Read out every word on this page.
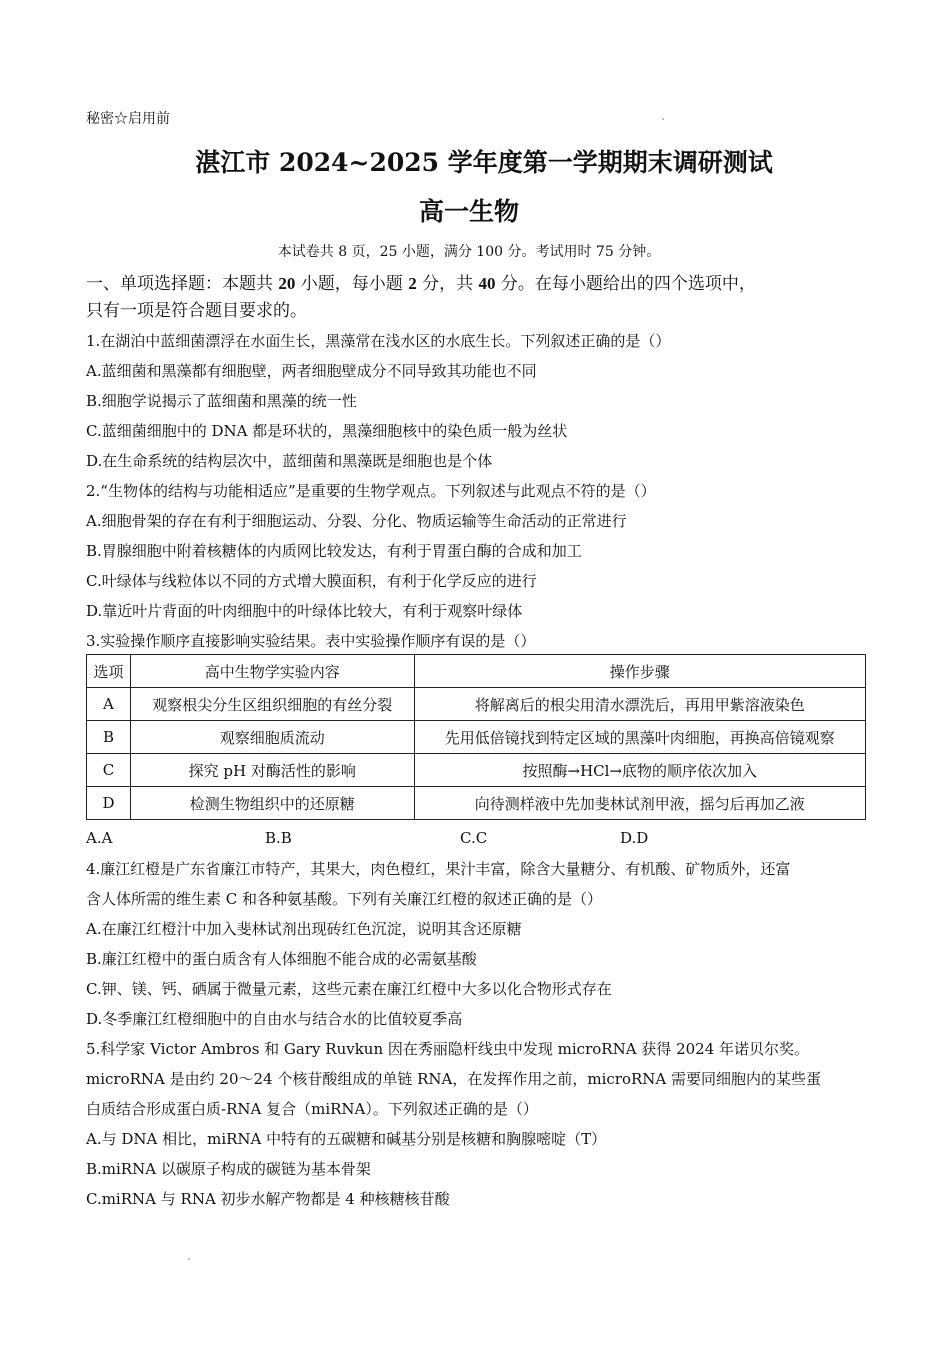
秘密☆启用前
湛江市 2024~2025 学年度第一学期期末调研测试
高一生物
本试卷共 8 页，25 小题，满分 100 分。考试用时 75 分钟。
一、单项选择题：本题共 20 小题，每小题 2 分，共 40 分。在每小题给出的四个选项中，
只有一项是符合题目要求的。
1.在湖泊中蓝细菌漂浮在水面生长，黑藻常在浅水区的水底生长。下列叙述正确的是（）
A.蓝细菌和黑藻都有细胞壁，两者细胞壁成分不同导致其功能也不同
B.细胞学说揭示了蓝细菌和黑藻的统一性
C.蓝细菌细胞中的 DNA 都是环状的，黑藻细胞核中的染色质一般为丝状
D.在生命系统的结构层次中，蓝细菌和黑藻既是细胞也是个体
2.“生物体的结构与功能相适应”是重要的生物学观点。下列叙述与此观点不符的是（）
A.细胞骨架的存在有利于细胞运动、分裂、分化、物质运输等生命活动的正常进行
B.胃腺细胞中附着核糖体的内质网比较发达，有利于胃蛋白酶的合成和加工
C.叶绿体与线粒体以不同的方式增大膜面积，有利于化学反应的进行
D.靠近叶片背面的叶肉细胞中的叶绿体比较大，有利于观察叶绿体
3.实验操作顺序直接影响实验结果。表中实验操作顺序有误的是（）
选项	高中生物学实验内容	操作步骤
A	观察根尖分生区组织细胞的有丝分裂	将解离后的根尖用清水漂洗后，再用甲紫溶液染色
B	观察细胞质流动	先用低倍镜找到特定区域的黑藻叶肉细胞，再换高倍镜观察
C	探究 pH 对酶活性的影响	按照酶→HCl→底物的顺序依次加入
D	检测生物组织中的还原糖	向待测样液中先加斐林试剂甲液，摇匀后再加乙液
A.A	B.B	C.C	D.D
4.廉江红橙是广东省廉江市特产，其果大，肉色橙红，果汁丰富，除含大量糖分、有机酸、矿物质外，还富
含人体所需的维生素 C 和各种氨基酸。下列有关廉江红橙的叙述正确的是（）
A.在廉江红橙汁中加入斐林试剂出现砖红色沉淀，说明其含还原糖
B.廉江红橙中的蛋白质含有人体细胞不能合成的必需氨基酸
C.钾、镁、钙、硒属于微量元素，这些元素在廉江红橙中大多以化合物形式存在
D.冬季廉江红橙细胞中的自由水与结合水的比值较夏季高
5.科学家 Victor Ambros 和 Gary Ruvkun 因在秀丽隐杆线虫中发现 microRNA 获得 2024 年诺贝尔奖。
microRNA 是由约 20～24 个核苷酸组成的单链 RNA，在发挥作用之前，microRNA 需要同细胞内的某些蛋
白质结合形成蛋白质-RNA 复合（miRNA）。下列叙述正确的是（）
A.与 DNA 相比，miRNA 中特有的五碳糖和碱基分别是核糖和胸腺嘧啶（T）
B.miRNA 以碳原子构成的碳链为基本骨架
C.miRNA 与 RNA 初步水解产物都是 4 种核糖核苷酸
